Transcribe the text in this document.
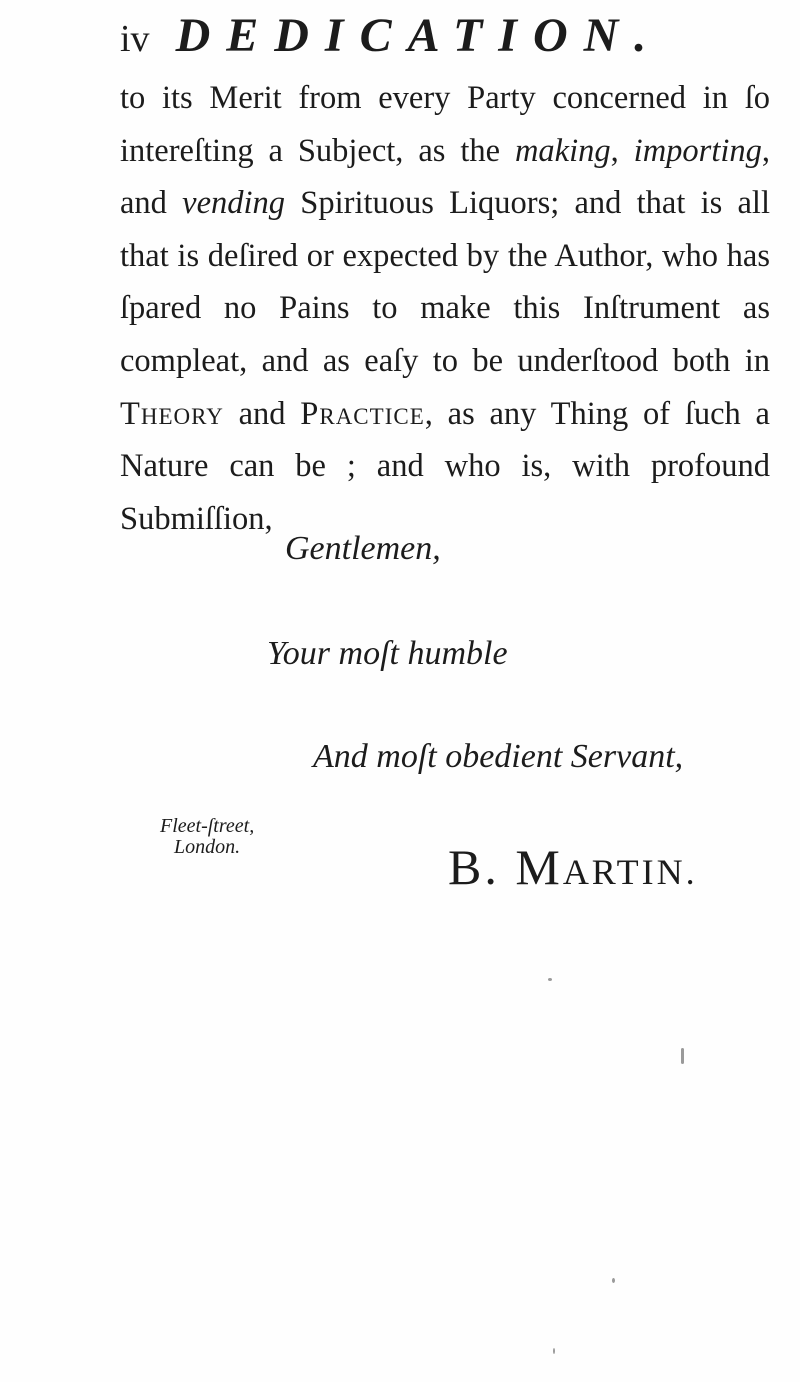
iv DEDICATION.

to its Merit from every Party concerned in ſo intereſting a Subject, as the making, importing, and vending Spirituous Liquors; and that is all that is deſired or expected by the Author, who has ſpared no Pains to make this Inſtrument as compleat, and as eaſy to be underſtood both in Theory and Practice, as any Thing of ſuch a Nature can be ; and who is, with profound Submiſſion,

Gentlemen,
Your moſt humble
And moſt obedient Servant,
Fleet-ſtreet,
London.	B. MARTIN.
